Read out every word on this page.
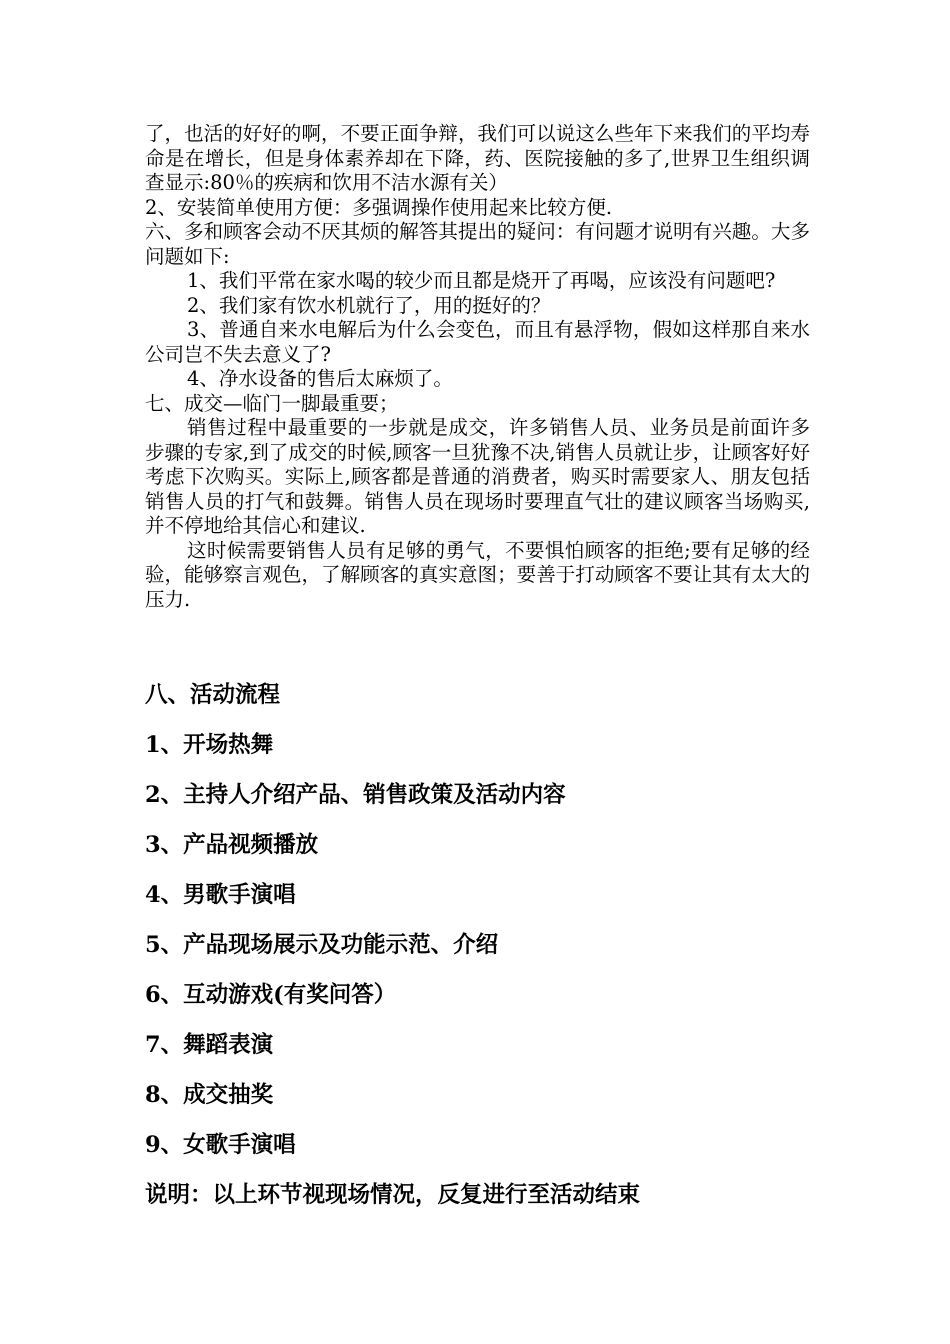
了，也活的好好的啊，不要正面争辩，我们可以说这么些年下来我们的平均寿命是在增长，但是身体素养却在下降，药、医院接触的多了,世界卫生组织调查显示:80％的疾病和饮用不洁水源有关）

2、安装简单使用方便：多强调操作使用起来比较方便.

六、多和顾客会动不厌其烦的解答其提出的疑问：有问题才说明有兴趣。大多问题如下:

1、我们平常在家水喝的较少而且都是烧开了再喝，应该没有问题吧?

2、我们家有饮水机就行了，用的挺好的？

3、普通自来水电解后为什么会变色，而且有悬浮物，假如这样那自来水公司岂不失去意义了?

4、净水设备的售后太麻烦了。

七、成交—临门一脚最重要；

销售过程中最重要的一步就是成交，许多销售人员、业务员是前面许多步骤的专家,到了成交的时候,顾客一旦犹豫不决,销售人员就让步，让顾客好好考虑下次购买。实际上,顾客都是普通的消费者，购买时需要家人、朋友包括销售人员的打气和鼓舞。销售人员在现场时要理直气壮的建议顾客当场购买,并不停地给其信心和建议.

这时候需要销售人员有足够的勇气，不要惧怕顾客的拒绝;要有足够的经验，能够察言观色，了解顾客的真实意图；要善于打动顾客不要让其有太大的压力.

八、活动流程

1、开场热舞

2、主持人介绍产品、销售政策及活动内容

3、产品视频播放

4、男歌手演唱

5、产品现场展示及功能示范、介绍

6、互动游戏(有奖问答）

7、舞蹈表演

8、成交抽奖

9、女歌手演唱

说明：以上环节视现场情况，反复进行至活动结束
